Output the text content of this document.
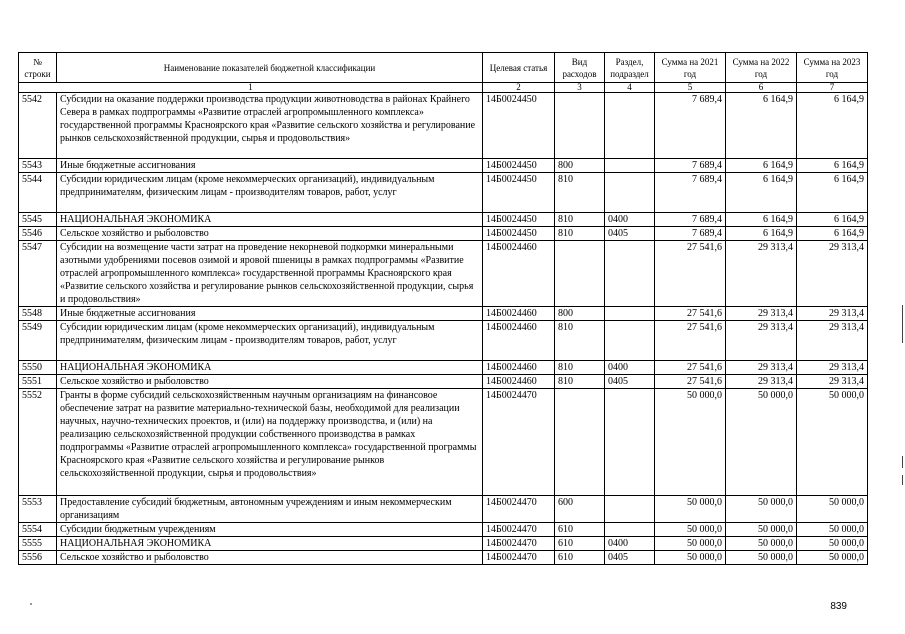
№ строки	Наименование показателей бюджетной классификации	Целевая статья	Вид расходов	Раздел, подраздел	Сумма на 2021 год	Сумма на 2022 год	Сумма на 2023 год
1		2	3	4	5	6	7
5542	Субсидии на оказание поддержки производства продукции животноводства в районах Крайнего Севера в рамках подпрограммы «Развитие отраслей агропромышленного комплекса» государственной программы Красноярского края «Развитие сельского хозяйства и регулирование рынков сельскохозяйственной продукции, сырья и продовольствия»	14Б0024450			7 689,4	6 164,9	6 164,9
5543	Иные бюджетные ассигнования	14Б0024450	800		7 689,4	6 164,9	6 164,9
5544	Субсидии юридическим лицам (кроме некоммерческих организаций), индивидуальным предпринимателям, физическим лицам - производителям товаров, работ, услуг	14Б0024450	810		7 689,4	6 164,9	6 164,9
5545	НАЦИОНАЛЬНАЯ ЭКОНОМИКА	14Б0024450	810	0400	7 689,4	6 164,9	6 164,9
5546	Сельское хозяйство и рыболовство	14Б0024450	810	0405	7 689,4	6 164,9	6 164,9
5547	Субсидии на возмещение части затрат на проведение некорневой подкормки минеральными азотными удобрениями посевов озимой и яровой пшеницы в рамках подпрограммы «Развитие отраслей агропромышленного комплекса» государственной программы Красноярского края «Развитие сельского хозяйства и регулирование рынков сельскохозяйственной продукции, сырья и продовольствия»	14Б0024460			27 541,6	29 313,4	29 313,4
5548	Иные бюджетные ассигнования	14Б0024460	800		27 541,6	29 313,4	29 313,4
5549	Субсидии юридическим лицам (кроме некоммерческих организаций), индивидуальным предпринимателям, физическим лицам - производителям товаров, работ, услуг	14Б0024460	810		27 541,6	29 313,4	29 313,4
5550	НАЦИОНАЛЬНАЯ ЭКОНОМИКА	14Б0024460	810	0400	27 541,6	29 313,4	29 313,4
5551	Сельское хозяйство и рыболовство	14Б0024460	810	0405	27 541,6	29 313,4	29 313,4
5552	Гранты в форме субсидий сельскохозяйственным научным организациям на финансовое обеспечение затрат на развитие материально-технической базы, необходимой для реализации научных, научно-технических проектов, и (или) на поддержку производства, и (или) на реализацию сельскохозяйственной продукции собственного производства в рамках подпрограммы «Развитие отраслей агропромышленного комплекса» государственной программы Красноярского края «Развитие сельского хозяйства и регулирование рынков сельскохозяйственной продукции, сырья и продовольствия»	14Б0024470			50 000,0	50 000,0	50 000,0
5553	Предоставление субсидий бюджетным, автономным учреждениям и иным некоммерческим организациям	14Б0024470	600		50 000,0	50 000,0	50 000,0
5554	Субсидии бюджетным учреждениям	14Б0024470	610		50 000,0	50 000,0	50 000,0
5555	НАЦИОНАЛЬНАЯ ЭКОНОМИКА	14Б0024470	610	0400	50 000,0	50 000,0	50 000,0
5556	Сельское хозяйство и рыболовство	14Б0024470	610	0405	50 000,0	50 000,0	50 000,0
839
